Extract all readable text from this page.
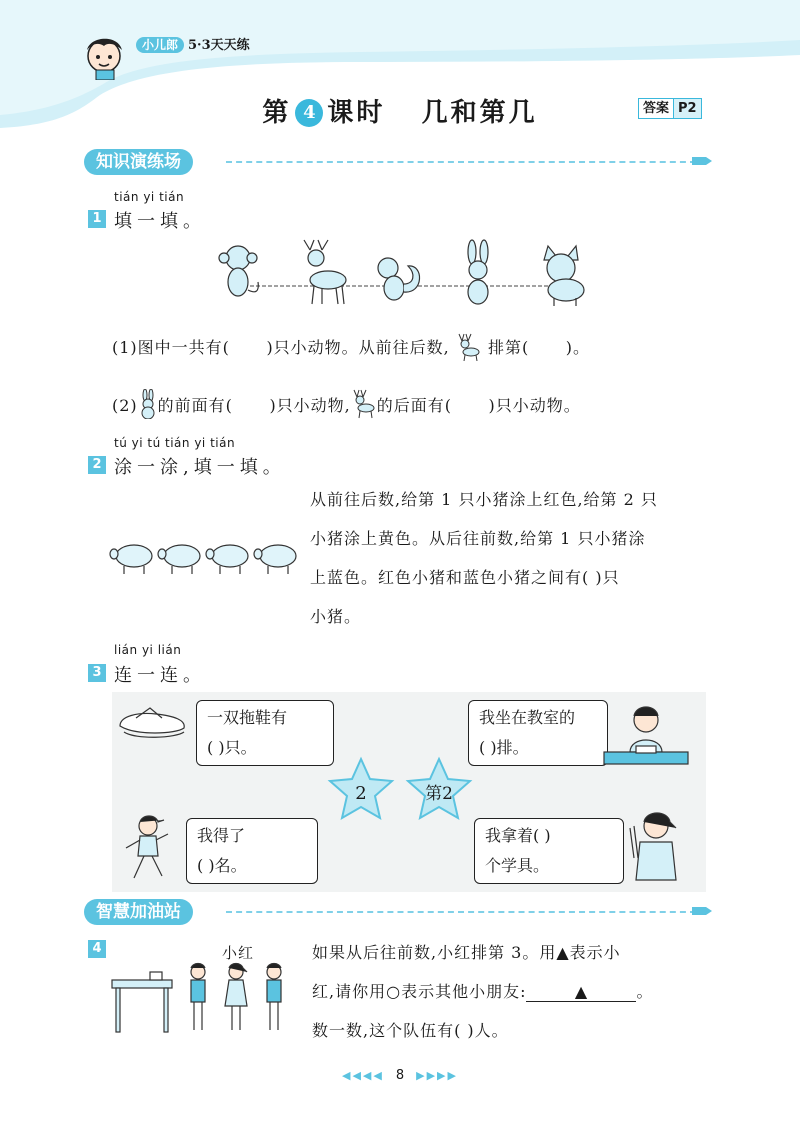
小儿郎 5·3天天练
第 4 课时 几和第几	答案 P2
知识演练场
tián yi tián
1 填一填。
(1)图中一共有( )只小动物。从前往后数, 排第( )。
(2) 的前面有( )只小动物, 的后面有( )只小动物。
tú yi tú tián yi tián
2 涂一涂,填一填。
从前往后数,给第 1 只小猪涂上红色,给第 2 只
小猪涂上黄色。从后往前数,给第 1 只小猪涂
上蓝色。红色小猪和蓝色小猪之间有( )只
小猪。
lián yi lián
3 连一连。
一双拖鞋有
( )只。
我坐在教室的
( )排。
2	第2
我得了
( )名。
我拿着( )
个学具。
智慧加油站
4	小红	如果从后往前数,小红排第 3。用▲表示小
红,请你用○表示其他小朋友:	▲	。
数一数,这个队伍有( )人。
◀◀◀◀ 8 ▶▶▶▶
